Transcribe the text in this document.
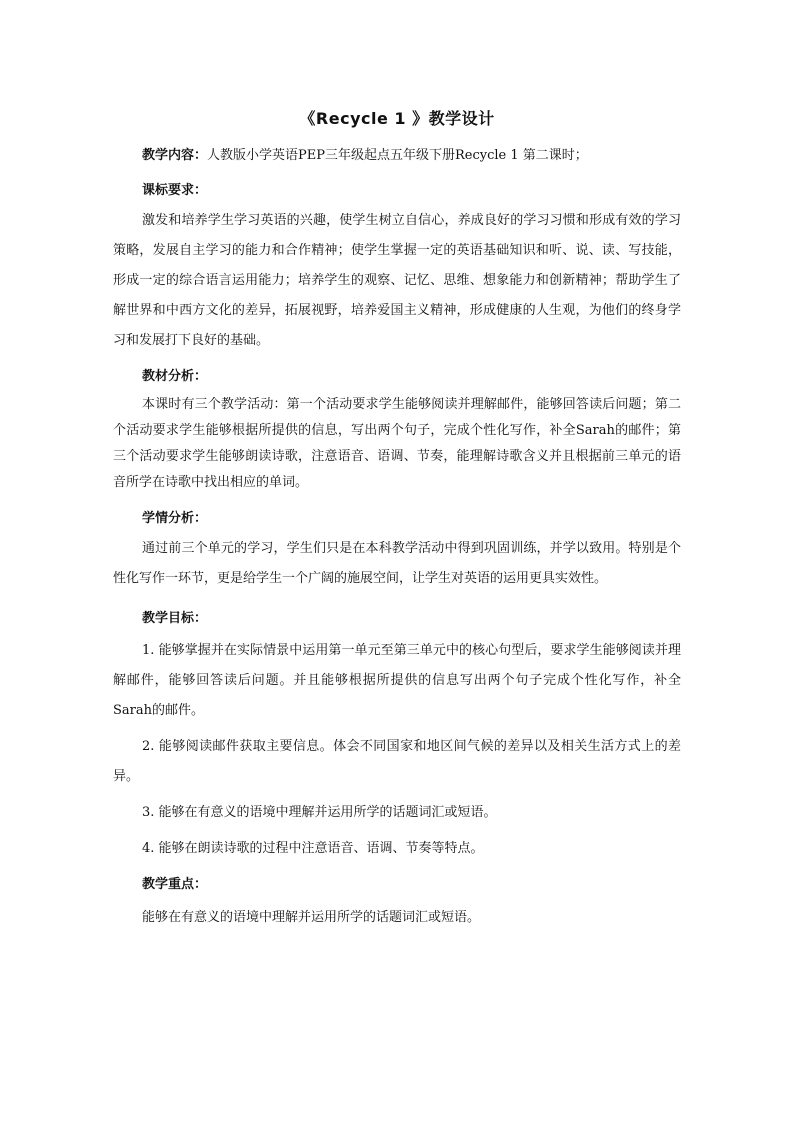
《Recycle 1 》教学设计
教学内容：人教版小学英语PEP三年级起点五年级下册Recycle 1 第二课时；
课标要求：

激发和培养学生学习英语的兴趣，使学生树立自信心，养成良好的学习习惯和形成有效的学习策略，发展自主学习的能力和合作精神；使学生掌握一定的英语基础知识和听、说、读、写技能，形成一定的综合语言运用能力；培养学生的观察、记忆、思维、想象能力和创新精神；帮助学生了解世界和中西方文化的差异，拓展视野，培养爱国主义精神，形成健康的人生观，为他们的终身学习和发展打下良好的基础。

教材分析：

本课时有三个教学活动：第一个活动要求学生能够阅读并理解邮件，能够回答读后问题；第二个活动要求学生能够根据所提供的信息，写出两个句子，完成个性化写作，补全Sarah的邮件；第三个活动要求学生能够朗读诗歌，注意语音、语调、节奏，能理解诗歌含义并且根据前三单元的语音所学在诗歌中找出相应的单词。

学情分析：

通过前三个单元的学习，学生们只是在本科教学活动中得到巩固训练，并学以致用。特别是个性化写作一环节，更是给学生一个广阔的施展空间，让学生对英语的运用更具实效性。

教学目标：

1. 能够掌握并在实际情景中运用第一单元至第三单元中的核心句型后，要求学生能够阅读并理解邮件，能够回答读后问题。并且能够根据所提供的信息写出两个句子完成个性化写作，补全Sarah的邮件。

2. 能够阅读邮件获取主要信息。体会不同国家和地区间气候的差异以及相关生活方式上的差异。

3. 能够在有意义的语境中理解并运用所学的话题词汇或短语。

4. 能够在朗读诗歌的过程中注意语音、语调、节奏等特点。

教学重点：

能够在有意义的语境中理解并运用所学的话题词汇或短语。
